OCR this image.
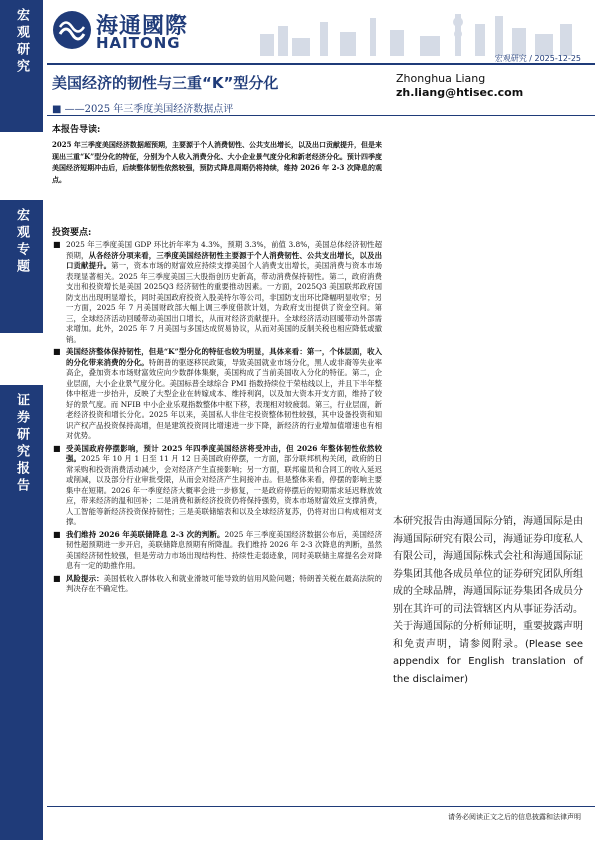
宏观研究
宏观专题
证券研究报告
海通國際
HAITONG
宏观研究 / 2025-12-25
美国经济的韧性与三重“K”型分化
■ ——2025 年三季度美国经济数据点评
Zhonghua Liang
zh.liang@htisec.com
本报告导读:
2025 年三季度美国经济数据超预期，主要源于个人消费韧性、公共支出增长，以及出口贡献提升，但是来现出三重“K”型分化的特征，分别为个人收入消费分化、大小企业景气度分化和新老经济分化。预计四季度美国经济短期冲击后，后续整体韧性依然较强，预防式降息周期仍将持续，维持 2026 年 2-3 次降息的观点。
投资要点:
■ 2025 年三季度美国 GDP 环比折年率为 4.3%，预期 3.3%，前值 3.8%，美国总体经济韧性超预期，从各经济分项来看，三季度美国经济韧性主要源于个人消费韧性、公共支出增长，以及出口贡献提升。第一，资本市场的财富效应持续支撑美国个人消费支出增长，美国消费与资本市场表现显著相关。2025 年三季度美国三大股指创历史新高，带动消费保持韧性。第二，政府消费支出和投资增长是美国 2025Q3 经济韧性的重要推动因素。一方面，2025Q3 美国联邦政府国防支出出现明显增长，同时美国政府投资入股美特尔等公司，非国防支出环比降幅明显收窄；另一方面，2025 年 7 月美国财政部大幅上调三季度借款计划，为政府支出提供了资金空间。第三，全球经济活动回暖带动美国出口增长，从而对经济贡献提升。全球经济活动回暖带动外部需求增加。此外，2025 年 7 月美国与多国达成贸易协议，从而对美国的反制关税也相应降低或撤销。
■ 美国经济整体保持韧性，但是“K”型分化的特征也较为明显，具体来看：第一，个体层面，收入的分化带来消费的分化。特朗普的驱逐移民政策，导致美国就业市场分化，黑人或非裔等失业率高企，叠加资本市场财富效应向少数群体集聚，美国构成了当前美国收入分化的特征。第二，企业层面，大小企业景气度分化。美国标普全球综合 PMI 指数持续位于荣枯线以上，并且下半年整体中枢进一步抬升，反映了大型企业在转嫁成本、维持利润，以及加大资本开支方面，维持了较好的景气度。而 NFIB 中小企业乐观指数整体中枢下移，表现相对较疲弱。第三，行业层面，新老经济投资和增长分化。2025 年以来，美国私人非住宅投资整体韧性较强，其中设备投资和知识产权产品投资保持高增，但是建筑投资同比增速进一步下降，新经济的行业增加值增速也有相对优势。
■ 受美国政府停摆影响，预计 2025 年四季度美国经济将受冲击，但 2026 年整体韧性依然较强。2025 年 10 月 1 日至 11 月 12 日美国政府停摆，一方面，部分联邦机构关闭，政府的日常采购和投资消费活动减少，会对经济产生直接影响；另一方面，联邦雇员和合同工的收入延迟或削减，以及部分行业审批受限，从而会对经济产生间接冲击。但是整体来看，停摆的影响主要集中在短期。2026 年一季度经济大概率会进一步修复，一是政府停摆后的短期需求延迟释放效应，带来经济的温和回补；二是消费和新经济投资仍将保持强势，资本市场财富效应支撑消费，人工智能等新经济投资保持韧性；三是美联储缩表和以及全球经济复苏，仍将对出口构成相对支撑。
■ 我们维持 2026 年美联储降息 2-3 次的判断。2025 年三季度美国经济数据公布后，美国经济韧性超预期进一步开启，美联储降息预期有所降温。我们维持 2026 年 2-3 次降息的判断，虽然美国经济韧性较强，但是劳动力市场出现结构性、持续性走弱迹象，同时美联储主席提名会对降息有一定的助推作用。
■ 风险提示：美国低收入群体收入和就业滑坡可能导致的信用风险问题；特朗普关税在最高法院的判决存在不确定性。
本研究报告由海通国际分销，海通国际是由海通国际研究有限公司，海通证券印度私人有限公司，海通国际株式会社和海通国际证券集团其他各成员单位的证券研究团队所组成的全球品牌，海通国际证券集团各成员分别在其许可的司法管辖区内从事证券活动。关于海通国际的分析师证明，重要披露声明和免责声明，请参阅附录。(Please see appendix for English translation of the disclaimer)
请务必阅读正文之后的信息披露和法律声明
